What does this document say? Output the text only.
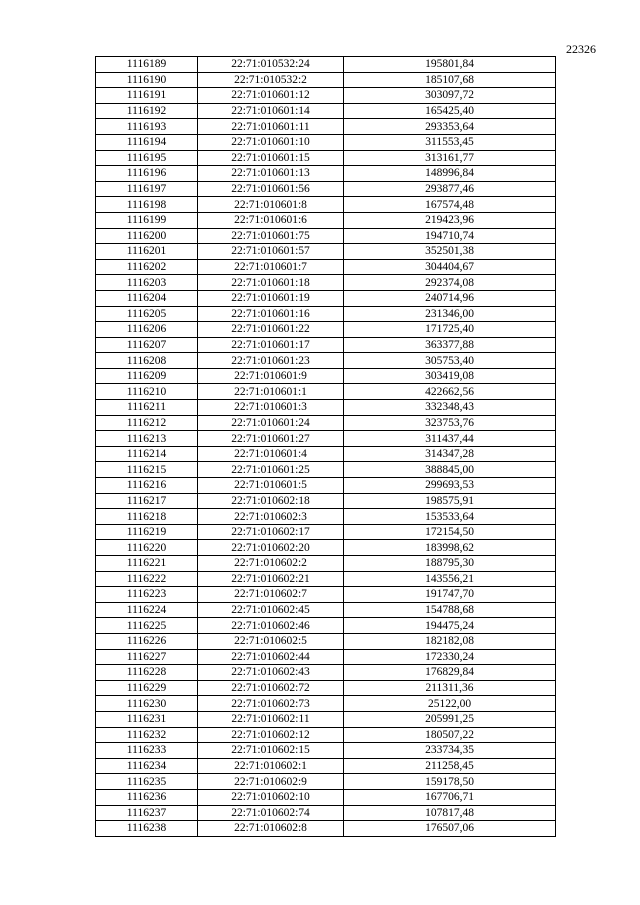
22326
1116189	22:71:010532:24	195801,84
1116190	22:71:010532:2	185107,68
1116191	22:71:010601:12	303097,72
1116192	22:71:010601:14	165425,40
1116193	22:71:010601:11	293353,64
1116194	22:71:010601:10	311553,45
1116195	22:71:010601:15	313161,77
1116196	22:71:010601:13	148996,84
1116197	22:71:010601:56	293877,46
1116198	22:71:010601:8	167574,48
1116199	22:71:010601:6	219423,96
1116200	22:71:010601:75	194710,74
1116201	22:71:010601:57	352501,38
1116202	22:71:010601:7	304404,67
1116203	22:71:010601:18	292374,08
1116204	22:71:010601:19	240714,96
1116205	22:71:010601:16	231346,00
1116206	22:71:010601:22	171725,40
1116207	22:71:010601:17	363377,88
1116208	22:71:010601:23	305753,40
1116209	22:71:010601:9	303419,08
1116210	22:71:010601:1	422662,56
1116211	22:71:010601:3	332348,43
1116212	22:71:010601:24	323753,76
1116213	22:71:010601:27	311437,44
1116214	22:71:010601:4	314347,28
1116215	22:71:010601:25	388845,00
1116216	22:71:010601:5	299693,53
1116217	22:71:010602:18	198575,91
1116218	22:71:010602:3	153533,64
1116219	22:71:010602:17	172154,50
1116220	22:71:010602:20	183998,62
1116221	22:71:010602:2	188795,30
1116222	22:71:010602:21	143556,21
1116223	22:71:010602:7	191747,70
1116224	22:71:010602:45	154788,68
1116225	22:71:010602:46	194475,24
1116226	22:71:010602:5	182182,08
1116227	22:71:010602:44	172330,24
1116228	22:71:010602:43	176829,84
1116229	22:71:010602:72	211311,36
1116230	22:71:010602:73	25122,00
1116231	22:71:010602:11	205991,25
1116232	22:71:010602:12	180507,22
1116233	22:71:010602:15	233734,35
1116234	22:71:010602:1	211258,45
1116235	22:71:010602:9	159178,50
1116236	22:71:010602:10	167706,71
1116237	22:71:010602:74	107817,48
1116238	22:71:010602:8	176507,06
